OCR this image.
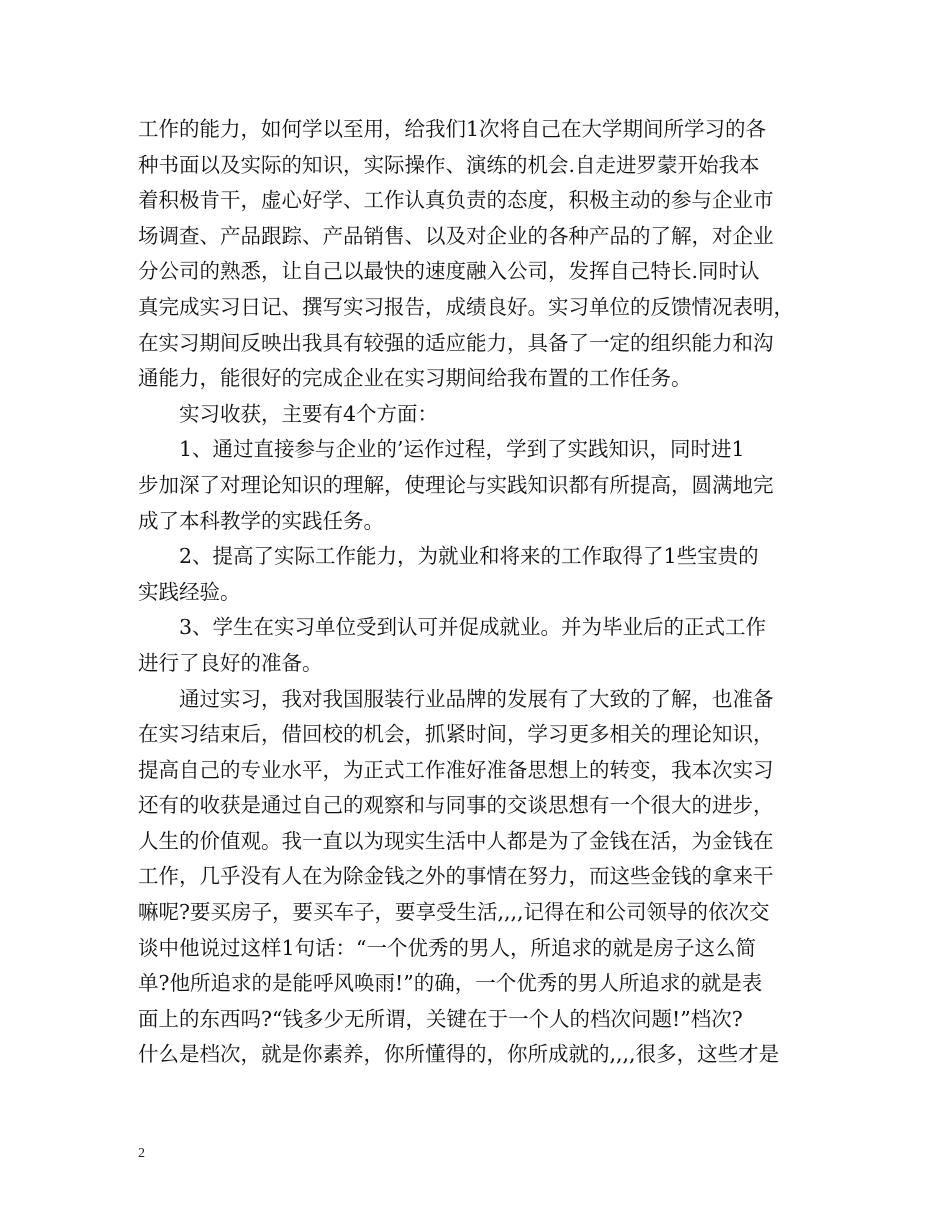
工作的能力，如何学以至用，给我们1次将自己在大学期间所学习的各
种书面以及实际的知识，实际操作、演练的机会.自走进罗蒙开始我本
着积极肯干，虚心好学、工作认真负责的态度，积极主动的参与企业市
场调查、产品跟踪、产品销售、以及对企业的各种产品的了解，对企业
分公司的熟悉，让自己以最快的速度融入公司，发挥自己特长.同时认
真完成实习日记、撰写实习报告，成绩良好。实习单位的反馈情况表明，
在实习期间反映出我具有较强的适应能力，具备了一定的组织能力和沟
通能力，能很好的完成企业在实习期间给我布置的工作任务。
实习收获，主要有4个方面：
1、通过直接参与企业的’运作过程，学到了实践知识，同时进1
步加深了对理论知识的理解，使理论与实践知识都有所提高，圆满地完
成了本科教学的实践任务。
2、提高了实际工作能力，为就业和将来的工作取得了1些宝贵的
实践经验。
3、学生在实习单位受到认可并促成就业。并为毕业后的正式工作
进行了良好的准备。
通过实习，我对我国服装行业品牌的发展有了大致的了解，也准备
在实习结束后，借回校的机会，抓紧时间，学习更多相关的理论知识，
提高自己的专业水平，为正式工作准好准备思想上的转变，我本次实习
还有的收获是通过自己的观察和与同事的交谈思想有一个很大的进步，
人生的价值观。我一直以为现实生活中人都是为了金钱在活，为金钱在
工作，几乎没有人在为除金钱之外的事情在努力，而这些金钱的拿来干
嘛呢?要买房子，要买车子，要享受生活,,,,记得在和公司领导的依次交
谈中他说过这样1句话：“一个优秀的男人，所追求的就是房子这么简
单?他所追求的是能呼风唤雨!”的确，一个优秀的男人所追求的就是表
面上的东西吗?“钱多少无所谓，关键在于一个人的档次问题!”档次?
什么是档次，就是你素养，你所懂得的，你所成就的,,,,很多，这些才是
2
